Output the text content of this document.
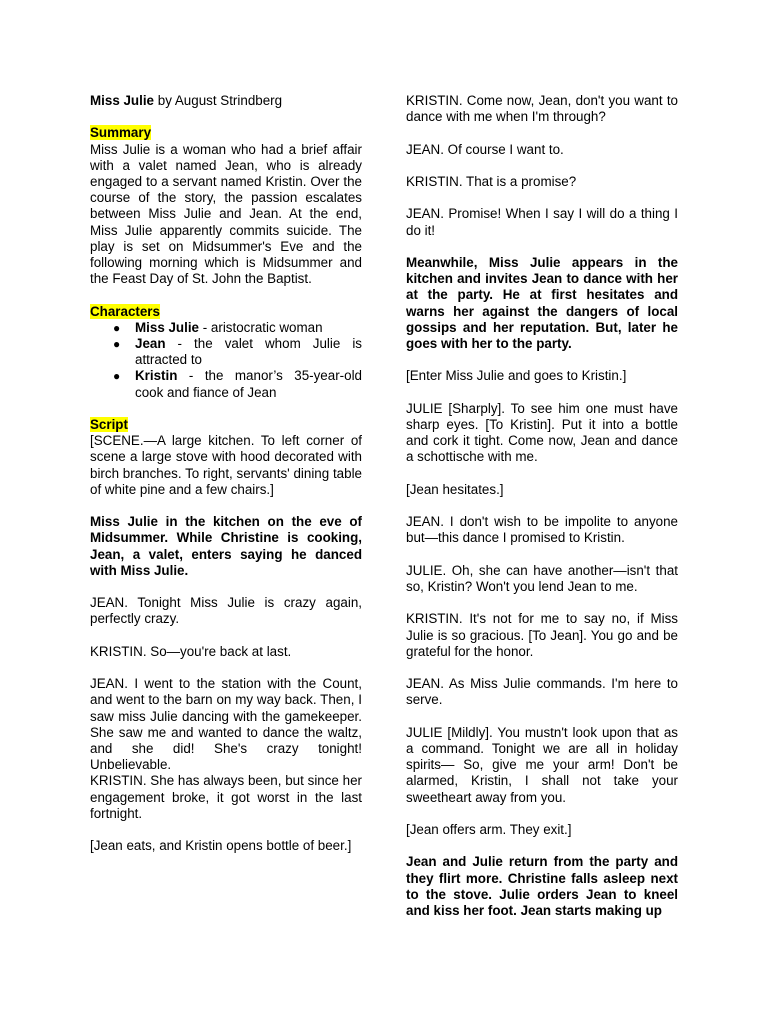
Miss Julie by August Strindberg

Summary

Miss Julie is a woman who had a brief affair with a valet named Jean, who is already engaged to a servant named Kristin. Over the course of the story, the passion escalates between Miss Julie and Jean. At the end, Miss Julie apparently commits suicide. The play is set on Midsummer's Eve and the following morning which is Midsummer and the Feast Day of St. John the Baptist.

Characters
● Miss Julie - aristocratic woman
● Jean - the valet whom Julie is attracted to
● Kristin - the manor’s 35-year-old cook and fiance of Jean
Script

[SCENE.—A large kitchen. To left corner of scene a large stove with hood decorated with birch branches. To right, servants' dining table of white pine and a few chairs.]

Miss Julie in the kitchen on the eve of Midsummer. While Christine is cooking, Jean, a valet, enters saying he danced with Miss Julie.

JEAN. Tonight Miss Julie is crazy again, perfectly crazy.

KRISTIN. So—you're back at last.

JEAN. I went to the station with the Count, and went to the barn on my way back. Then, I saw miss Julie dancing with the gamekeeper. She saw me and wanted to dance the waltz, and she did! She's crazy tonight! Unbelievable.

KRISTIN. She has always been, but since her engagement broke, it got worst in the last fortnight.

[Jean eats, and Kristin opens bottle of beer.]

KRISTIN. Come now, Jean, don't you want to dance with me when I'm through?

JEAN. Of course I want to.

KRISTIN. That is a promise?

JEAN. Promise! When I say I will do a thing I do it!

Meanwhile, Miss Julie appears in the kitchen and invites Jean to dance with her at the party. He at first hesitates and warns her against the dangers of local gossips and her reputation. But, later he goes with her to the party.

[Enter Miss Julie and goes to Kristin.]

JULIE [Sharply]. To see him one must have sharp eyes. [To Kristin]. Put it into a bottle and cork it tight. Come now, Jean and dance a schottische with me.

[Jean hesitates.]

JEAN. I don't wish to be impolite to anyone but—this dance I promised to Kristin.

JULIE. Oh, she can have another—isn't that so, Kristin? Won't you lend Jean to me.

KRISTIN. It's not for me to say no, if Miss Julie is so gracious. [To Jean]. You go and be grateful for the honor.

JEAN. As Miss Julie commands. I'm here to serve.

JULIE [Mildly]. You mustn't look upon that as a command. Tonight we are all in holiday spirits— So, give me your arm! Don't be alarmed, Kristin, I shall not take your sweetheart away from you.

[Jean offers arm. They exit.]

Jean and Julie return from the party and they flirt more. Christine falls asleep next to the stove. Julie orders Jean to kneel and kiss her foot. Jean starts making up
